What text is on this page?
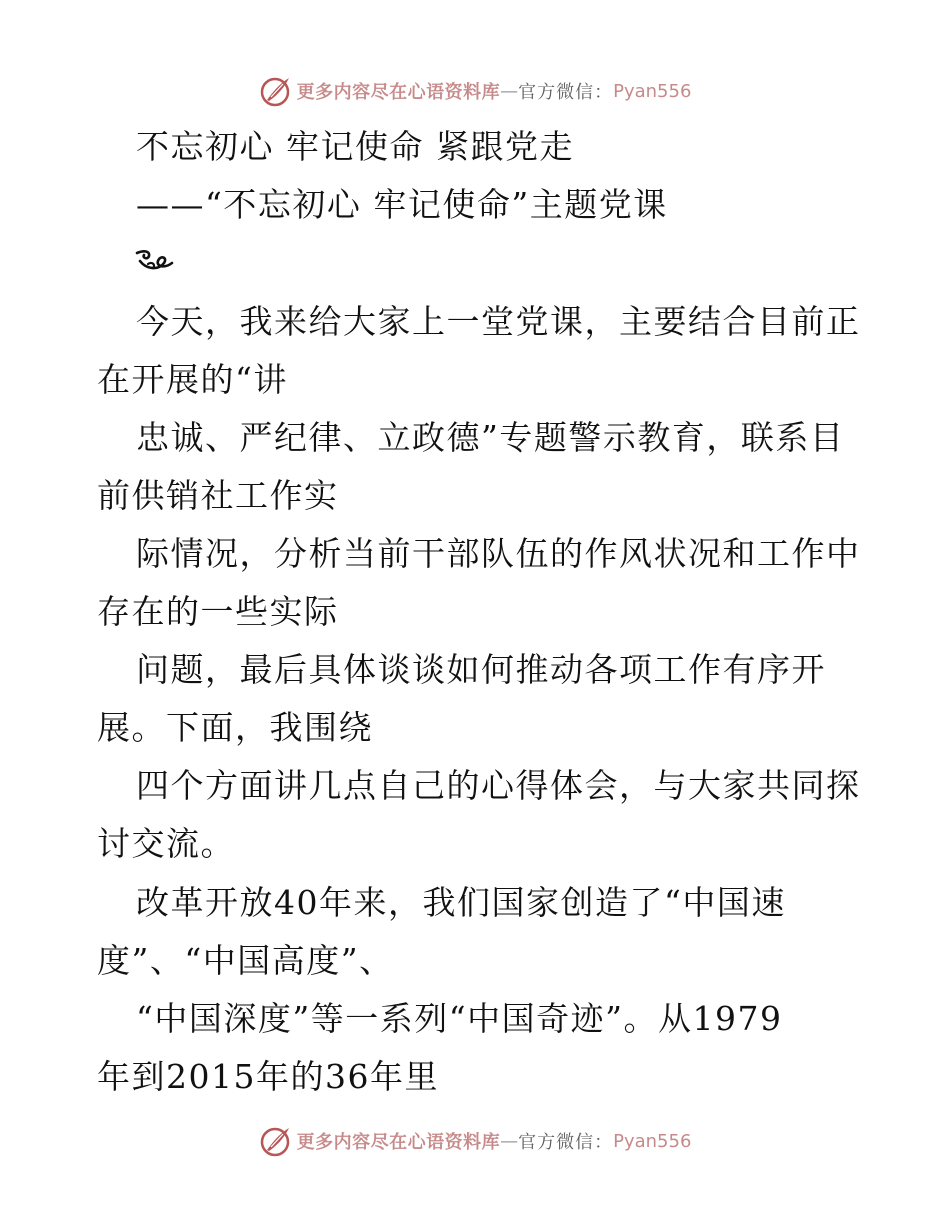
更多内容尽在心语资料库 — 官方微信： Pyan556
不忘初心 牢记使命 紧跟党走
——“不忘初心 牢记使命”主题党课
今天，我来给大家上一堂党课，主要结合目前正
在开展的“讲
忠诚、严纪律、立政德”专题警示教育，联系目
前供销社工作实
际情况，分析当前干部队伍的作风状况和工作中
存在的一些实际
问题，最后具体谈谈如何推动各项工作有序开
展。下面，我围绕
四个方面讲几点自己的心得体会，与大家共同探
讨交流。
改革开放40年来，我们国家创造了“中国速
度”、“中国高度”、
“中国深度”等一系列“中国奇迹”。从1979
年到2015年的36年里
更多内容尽在心语资料库 — 官方微信： Pyan556
